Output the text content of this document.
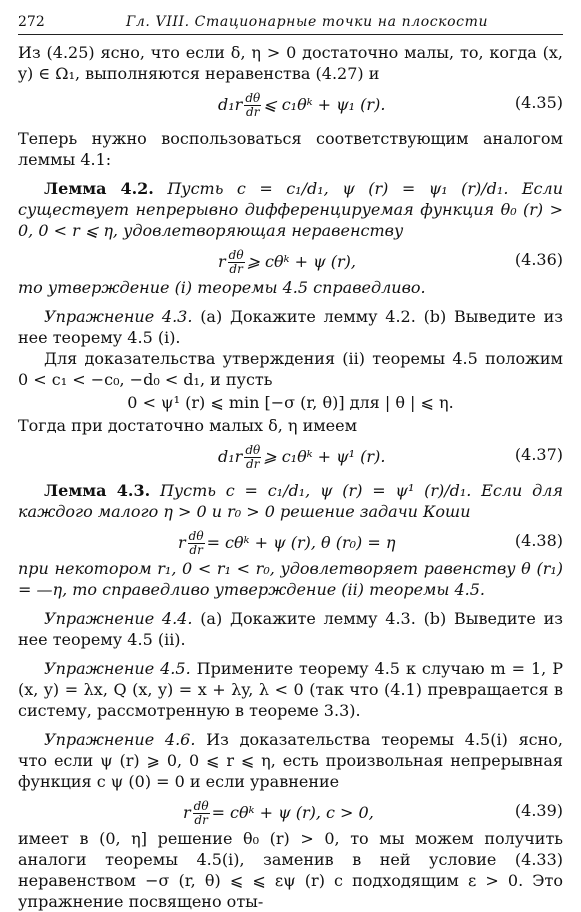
272	Гл. VIII. Стационарные точки на плоскости

Из (4.25) ясно, что если δ, η > 0 достаточно малы, то, когда (x, y) ∈ Ω₁, выполняются неравенства (4.27) и

$d_1r \frac{d\theta}{dr}$ ⩽ c₁θᵏ + ψ₁ (r).	(4.35)

Теперь нужно воспользоваться соответствующим аналогом леммы 4.1:

Лемма 4.2. Пусть c = c₁/d₁, ψ (r) = ψ₁ (r)/d₁. Если существует непрерывно дифференцируемая функция θ₀ (r) > 0, 0 < r ⩽ η, удовлетворяющая неравенству

r $\frac{d\theta}{dr}$ ⩾ cθᵏ + ψ (r),	(4.36)

то утверждение (i) теоремы 4.5 справедливо.

Упражнение 4.3. (а) Докажите лемму 4.2. (b) Выведите из нее теорему 4.5 (i).

Для доказательства утверждения (ii) теоремы 4.5 положим 0 < c₁ < −c₀, −d₀ < d₁, и пусть

0 < ψ¹ (r) ⩽ min [−σ (r, θ)] для | θ | ⩽ η.

Тогда при достаточно малых δ, η имеем

$d_1r \frac{d\theta}{dr}$ ⩾ c₁θᵏ + ψ¹ (r).	(4.37)

Лемма 4.3. Пусть c = c₁/d₁, ψ (r) = ψ¹ (r)/d₁. Если для каждого малого η > 0 и r₀ > 0 решение задачи Коши

r $\frac{d\theta}{dr}$ = cθᵏ + ψ (r), θ (r₀) = η	(4.38)

при некотором r₁, 0 < r₁ < r₀, удовлетворяет равенству θ (r₁) = —η, то справедливо утверждение (ii) теоремы 4.5.

Упражнение 4.4. (а) Докажите лемму 4.3. (b) Выведите из нее теорему 4.5 (ii).

Упражнение 4.5. Примените теорему 4.5 к случаю m = 1, P (x, y) = λx, Q (x, y) = x + λy, λ < 0 (так что (4.1) превращается в систему, рассмотренную в теореме 3.3).

Упражнение 4.6. Из доказательства теоремы 4.5(i) ясно, что если ψ (r) ⩾ 0, 0 ⩽ r ⩽ η, есть произвольная непрерывная функция с ψ (0) = 0 и если уравнение

r $\frac{d\theta}{dr}$ = cθᵏ + ψ (r), c > 0,	(4.39)

имеет в (0, η] решение θ₀ (r) > 0, то мы можем получить аналоги теоремы 4.5(i), заменив в ней условие (4.33) неравенством −σ (r, θ) ⩽ ⩽ εψ (r) с подходящим ε > 0. Это упражнение посвящено оты-
